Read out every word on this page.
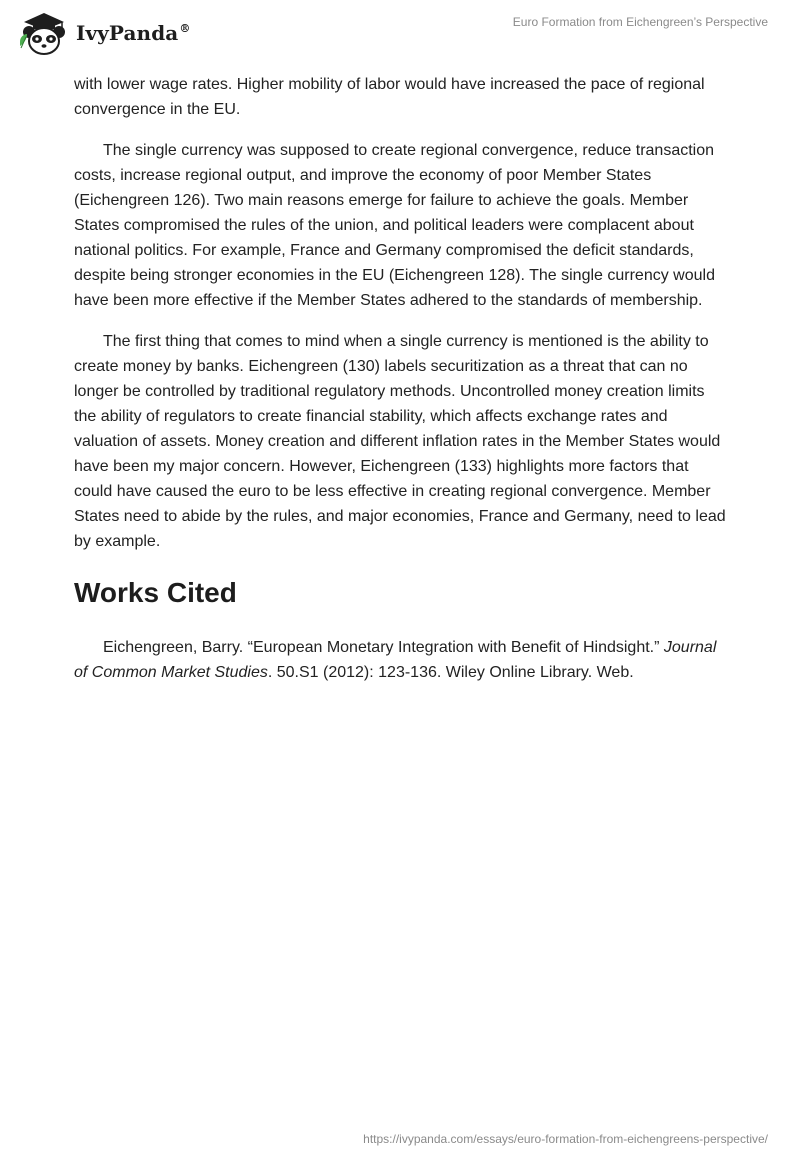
IvyPanda®	Euro Formation from Eichengreen’s Perspective

with lower wage rates. Higher mobility of labor would have increased the pace of regional convergence in the EU.

The single currency was supposed to create regional convergence, reduce transaction costs, increase regional output, and improve the economy of poor Member States (Eichengreen 126). Two main reasons emerge for failure to achieve the goals. Member States compromised the rules of the union, and political leaders were complacent about national politics. For example, France and Germany compromised the deficit standards, despite being stronger economies in the EU (Eichengreen 128). The single currency would have been more effective if the Member States adhered to the standards of membership.

The first thing that comes to mind when a single currency is mentioned is the ability to create money by banks. Eichengreen (130) labels securitization as a threat that can no longer be controlled by traditional regulatory methods. Uncontrolled money creation limits the ability of regulators to create financial stability, which affects exchange rates and valuation of assets. Money creation and different inflation rates in the Member States would have been my major concern. However, Eichengreen (133) highlights more factors that could have caused the euro to be less effective in creating regional convergence. Member States need to abide by the rules, and major economies, France and Germany, need to lead by example.

Works Cited

Eichengreen, Barry. “European Monetary Integration with Benefit of Hindsight.” Journal of Common Market Studies. 50.S1 (2012): 123-136. Wiley Online Library. Web.

https://ivypanda.com/essays/euro-formation-from-eichengreens-perspective/
